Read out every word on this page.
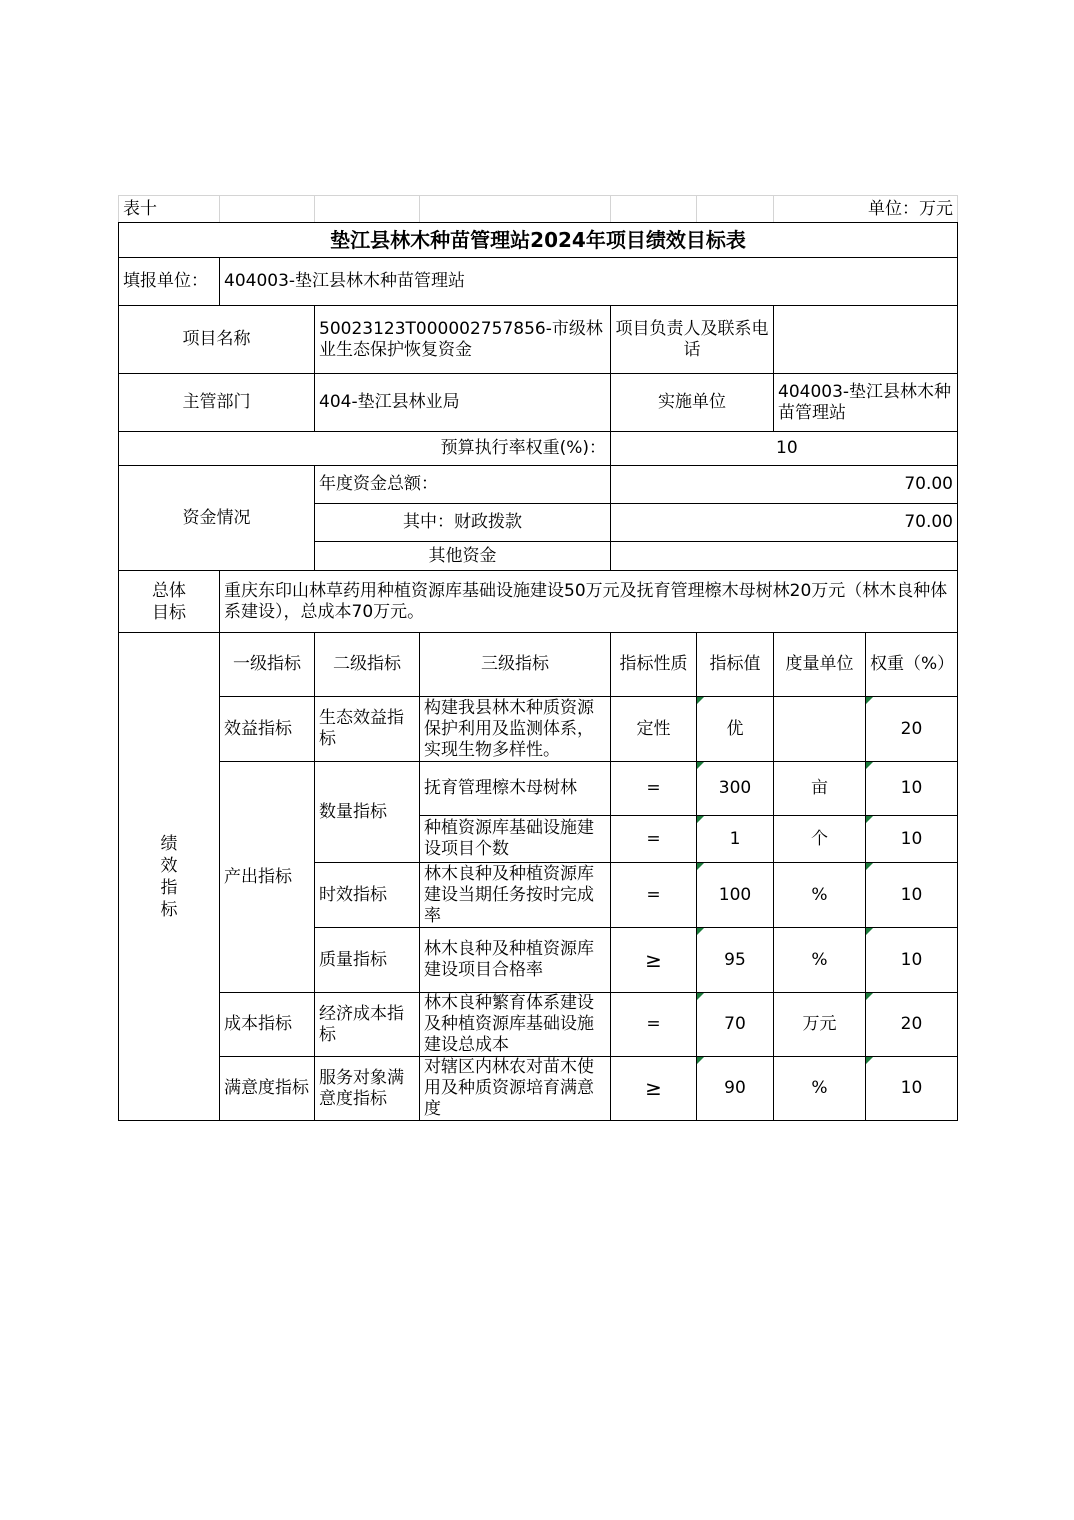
表十						单位：万元	
垫江县林木种苗管理站2024年项目绩效目标表							
填报单位：	404003-垫江县林木种苗管理站						
项目名称		50023123T000002757856-市级林业生态保护恢复资金		项目负责人及联系电话			
主管部门		404-垫江县林业局		实施单位		404003-垫江县林木种苗管理站	
预算执行率权重(%)：				10			
资金情况		年度资金总额：		70.00			
		其中：财政拨款		70.00			
		其他资金					
总体目标	重庆东印山林草药用种植资源库基础设施建设50万元及抚育管理檫木母树林20万元（林木良种体系建设），总成本70万元。						
绩效指标	一级指标	二级指标	三级指标	指标性质	指标值	度量单位	权重（%）
	效益指标	生态效益指标	构建我县林木种质资源保护利用及监测体系，实现生物多样性。	定性	优		20
	产出指标	数量指标	抚育管理檫木母树林	=	300	亩	10
			种植资源库基础设施建设项目个数	=	1	个	10
		时效指标	林木良种及种植资源库建设当期任务按时完成率	=	100	%	10
		质量指标	林木良种及种植资源库建设项目合格率	≥	95	%	10
	成本指标	经济成本指标	林木良种繁育体系建设及种植资源库基础设施建设总成本	=	70	万元	20
	满意度指标	服务对象满意度指标	对辖区内林农对苗木使用及种质资源培育满意度	≥	90	%	10
